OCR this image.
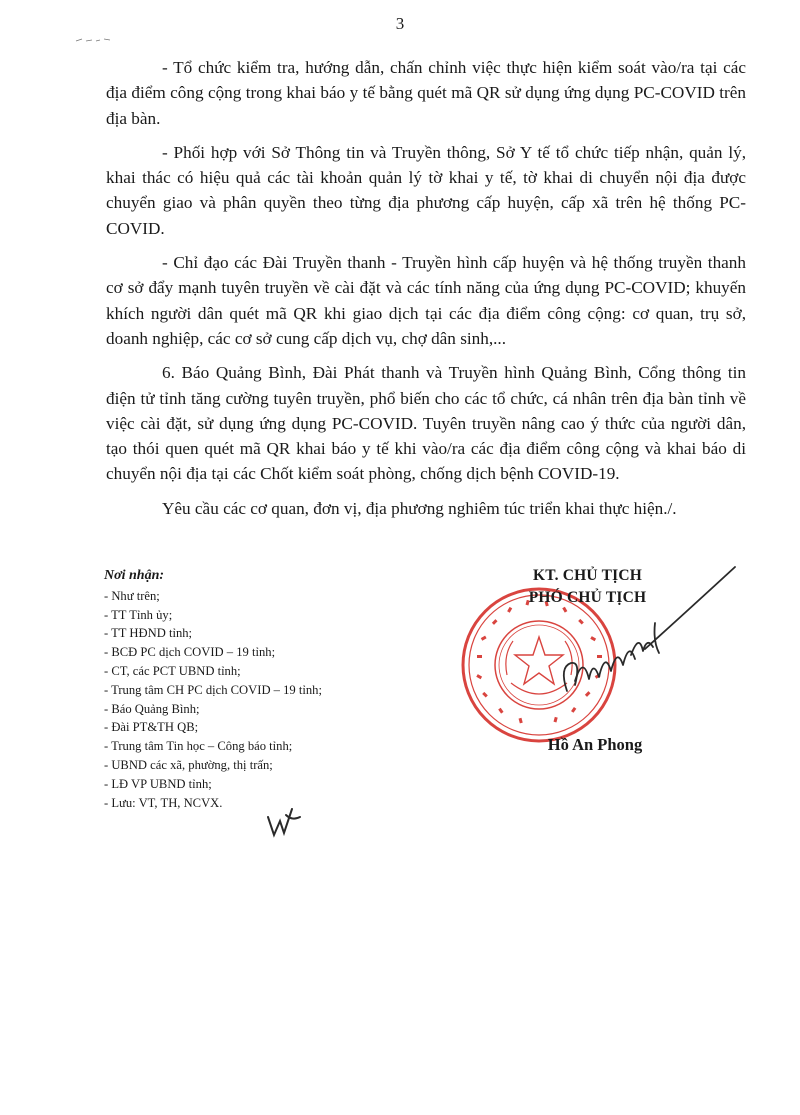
3

- Tổ chức kiểm tra, hướng dẫn, chấn chỉnh việc thực hiện kiểm soát vào/ra tại các địa điểm công cộng trong khai báo y tế bằng quét mã QR sử dụng ứng dụng PC-COVID trên địa bàn.

- Phối hợp với Sở Thông tin và Truyền thông, Sở Y tế tổ chức tiếp nhận, quản lý, khai thác có hiệu quả các tài khoản quản lý tờ khai y tế, tờ khai di chuyển nội địa được chuyển giao và phân quyền theo từng địa phương cấp huyện, cấp xã trên hệ thống PC-COVID.

- Chỉ đạo các Đài Truyền thanh - Truyền hình cấp huyện và hệ thống truyền thanh cơ sở đẩy mạnh tuyên truyền về cài đặt và các tính năng của ứng dụng PC-COVID; khuyến khích người dân quét mã QR khi giao dịch tại các địa điểm công cộng: cơ quan, trụ sở, doanh nghiệp, các cơ sở cung cấp dịch vụ, chợ dân sinh,...

6. Báo Quảng Bình, Đài Phát thanh và Truyền hình Quảng Bình, Cổng thông tin điện tử tỉnh tăng cường tuyên truyền, phổ biến cho các tổ chức, cá nhân trên địa bàn tỉnh về việc cài đặt, sử dụng ứng dụng PC-COVID. Tuyên truyền nâng cao ý thức của người dân, tạo thói quen quét mã QR khai báo y tế khi vào/ra các địa điểm công cộng và khai báo di chuyển nội địa tại các Chốt kiểm soát phòng, chống dịch bệnh COVID-19.

Yêu cầu các cơ quan, đơn vị, địa phương nghiêm túc triển khai thực hiện./.

Nơi nhận:
- Như trên;
- TT Tỉnh ủy;
- TT HĐND tỉnh;
- BCĐ PC dịch COVID – 19 tỉnh;
- CT, các PCT UBND tỉnh;
- Trung tâm CH PC dịch COVID – 19 tỉnh;
- Báo Quảng Bình;
- Đài PT&TH QB;
- Trung tâm Tin học – Công báo tỉnh;
- UBND các xã, phường, thị trấn;
- LĐ VP UBND tỉnh;
- Lưu: VT, TH, NCVX.
KT. CHỦ TỊCH
PHÓ CHỦ TỊCH
Hồ An Phong
